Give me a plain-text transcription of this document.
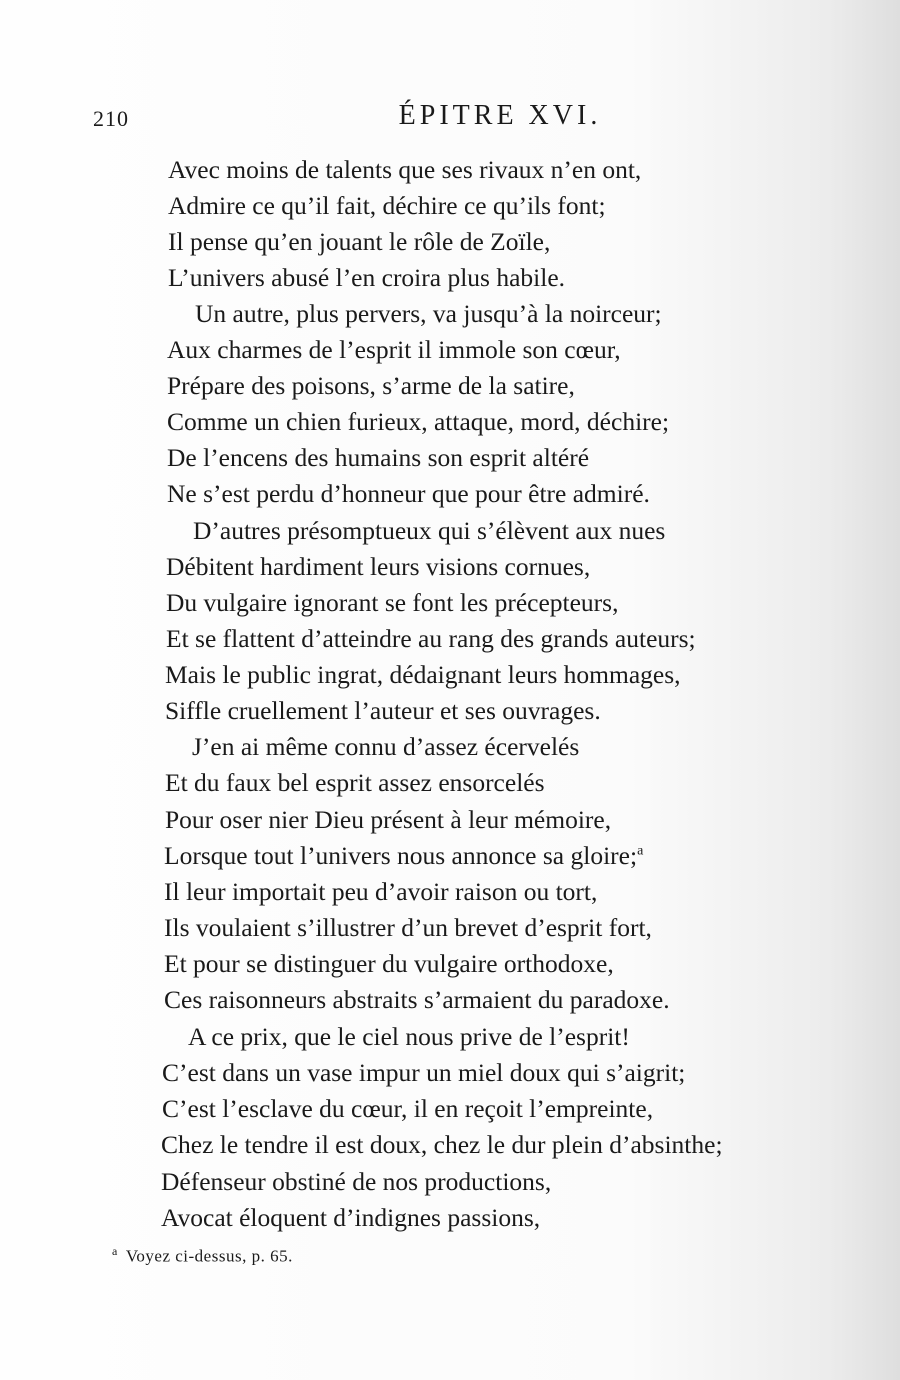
210	ÉPITRE XVI.
Avec moins de talents que ses rivaux n’en ont,
Admire ce qu’il fait, déchire ce qu’ils font;
Il pense qu’en jouant le rôle de Zoïle,
L’univers abusé l’en croira plus habile.
Un autre, plus pervers, va jusqu’à la noirceur;
Aux charmes de l’esprit il immole son cœur,
Prépare des poisons, s’arme de la satire,
Comme un chien furieux, attaque, mord, déchire;
De l’encens des humains son esprit altéré
Ne s’est perdu d’honneur que pour être admiré.
D’autres présomptueux qui s’élèvent aux nues
Débitent hardiment leurs visions cornues,
Du vulgaire ignorant se font les précepteurs,
Et se flattent d’atteindre au rang des grands auteurs;
Mais le public ingrat, dédaignant leurs hommages,
Siffle cruellement l’auteur et ses ouvrages.
J’en ai même connu d’assez écervelés
Et du faux bel esprit assez ensorcelés
Pour oser nier Dieu présent à leur mémoire,
Lorsque tout l’univers nous annonce sa gloire;$^a$
Il leur importait peu d’avoir raison ou tort,
Ils voulaient s’illustrer d’un brevet d’esprit fort,
Et pour se distinguer du vulgaire orthodoxe,
Ces raisonneurs abstraits s’armaient du paradoxe.
A ce prix, que le ciel nous prive de l’esprit!
C’est dans un vase impur un miel doux qui s’aigrit;
C’est l’esclave du cœur, il en reçoit l’empreinte,
Chez le tendre il est doux, chez le dur plein d’absinthe;
Défenseur obstiné de nos productions,
Avocat éloquent d’indignes passions,
$^a$ Voyez ci-dessus, p. 65.
